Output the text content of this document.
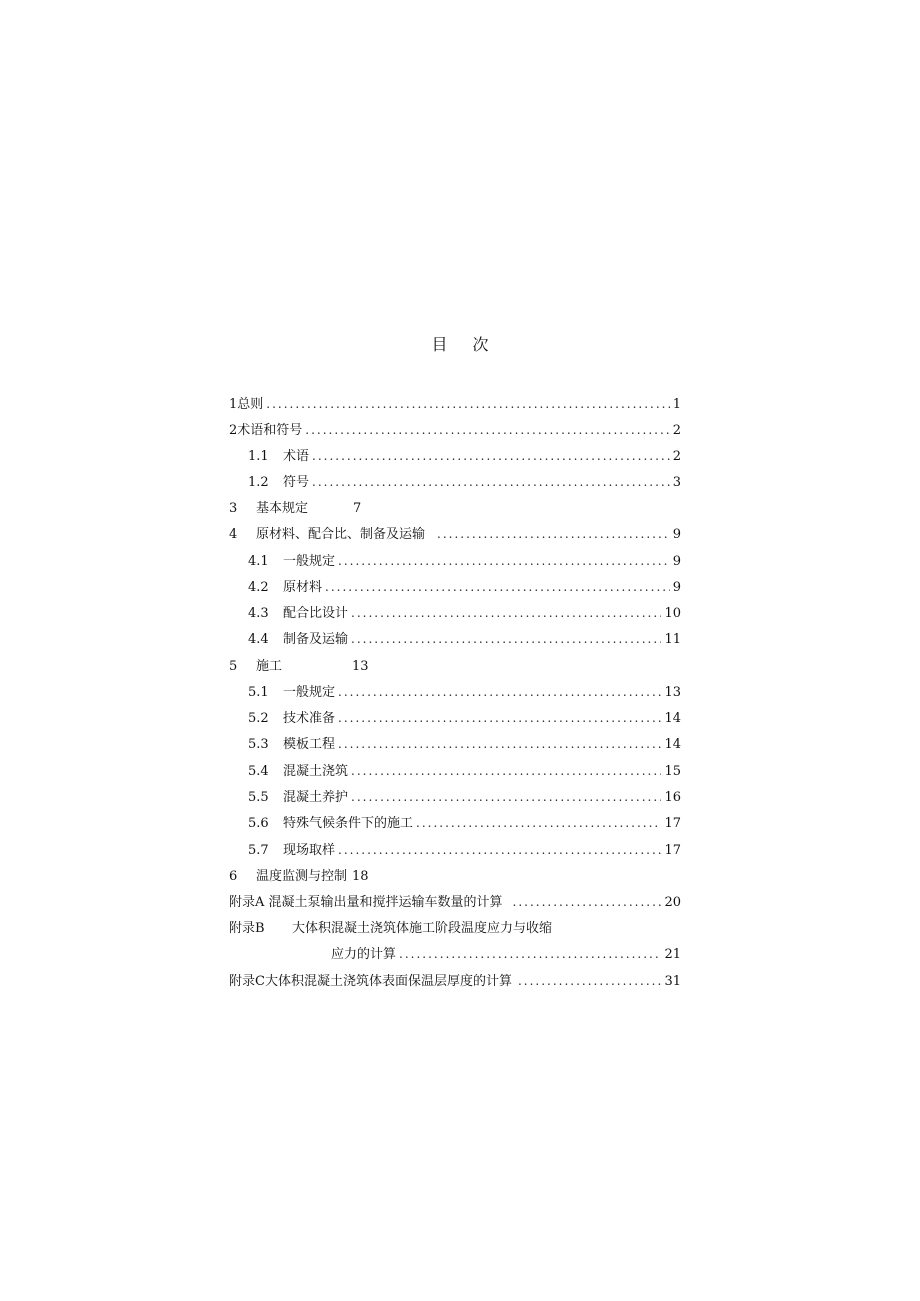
目 次
1总则 .....	1
2术语和符号 .....	2
1.1	术语 .....	2
1.2	符号 .....	3
3	基本规定	7
4	原材料、配合比、制备及运输 .....	9
4.1	一般规定 .....	9
4.2	原材料 .....	9
4.3	配合比设计 .....	10
4.4	制备及运输 .....	11
5	施工	13
5.1	一般规定 .....	13
5.2	技术准备 .....	14
5.3	模板工程 .....	14
5.4	混凝土浇筑 .....	15
5.5	混凝土养护 .....	16
5.6	特殊气候条件下的施工 .....	17
5.7	现场取样 .....	17
6	温度监测与控制 18
附录A 混凝土泵输出量和搅拌运输车数量的计算 .....	20
附录B	大体积混凝土浇筑体施工阶段温度应力与收缩
应力的计算 .....	21
附录C大体积混凝土浇筑体表面保温层厚度的计算 .....	31
